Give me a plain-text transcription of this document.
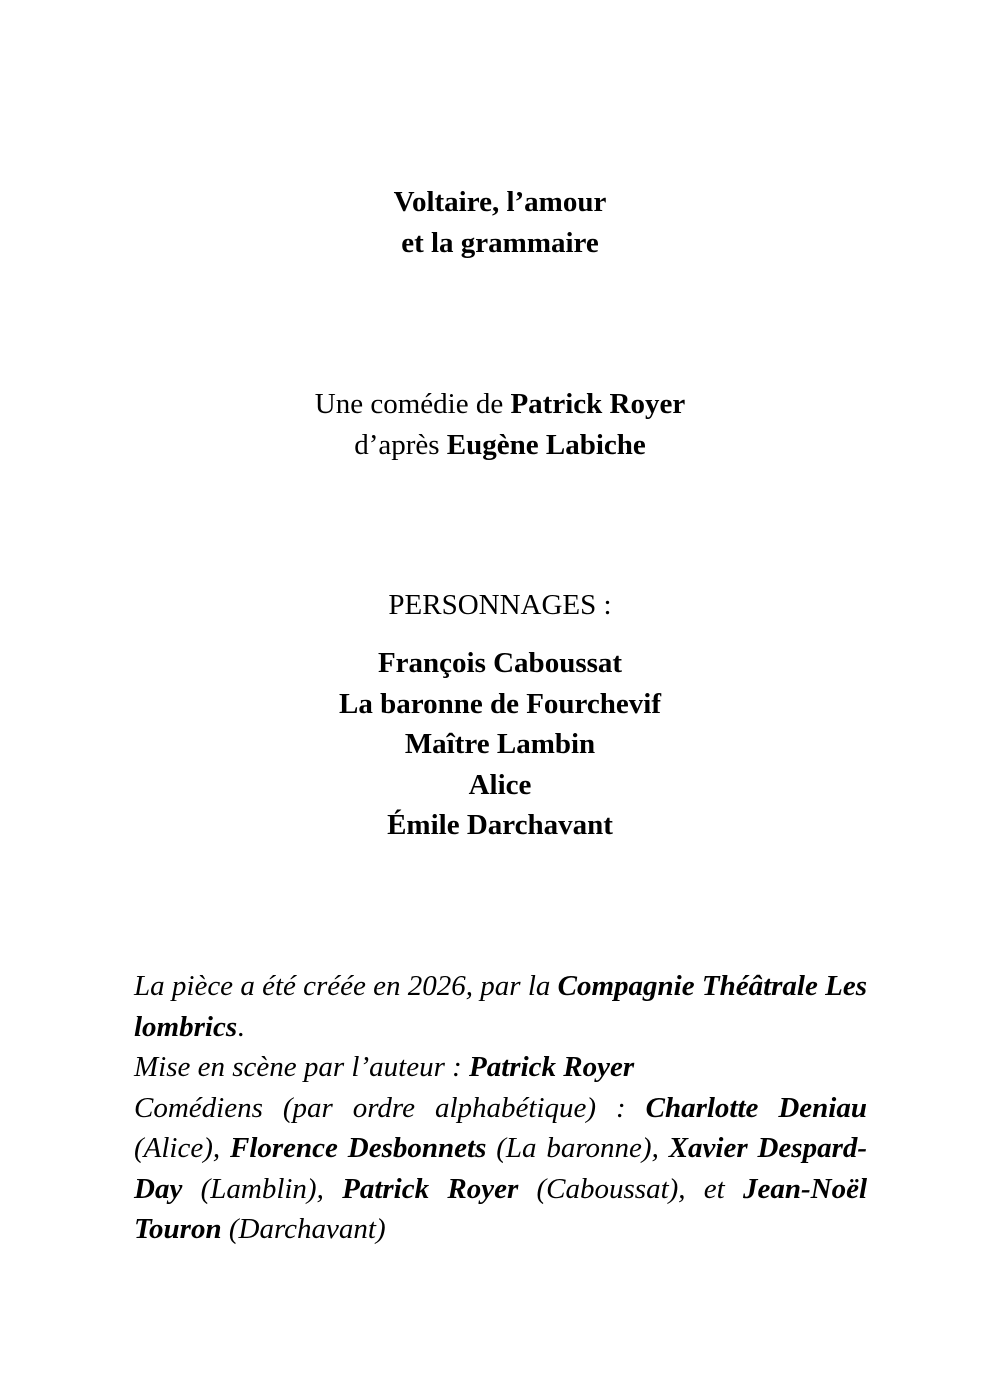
Voltaire, l’amour
et la grammaire
Une comédie de Patrick Royer
d’après Eugène Labiche
PERSONNAGES :
François Caboussat
La baronne de Fourchevif
Maître Lambin
Alice
Émile Darchavant

La pièce a été créée en 2026, par la Compagnie Théâtrale Les lombrics.

Mise en scène par l’auteur : Patrick Royer

Comédiens (par ordre alphabétique) : Charlotte Deniau (Alice), Florence Desbonnets (La baronne), Xavier Despard-Day (Lamblin), Patrick Royer (Caboussat), et Jean-Noël Touron (Darchavant)
